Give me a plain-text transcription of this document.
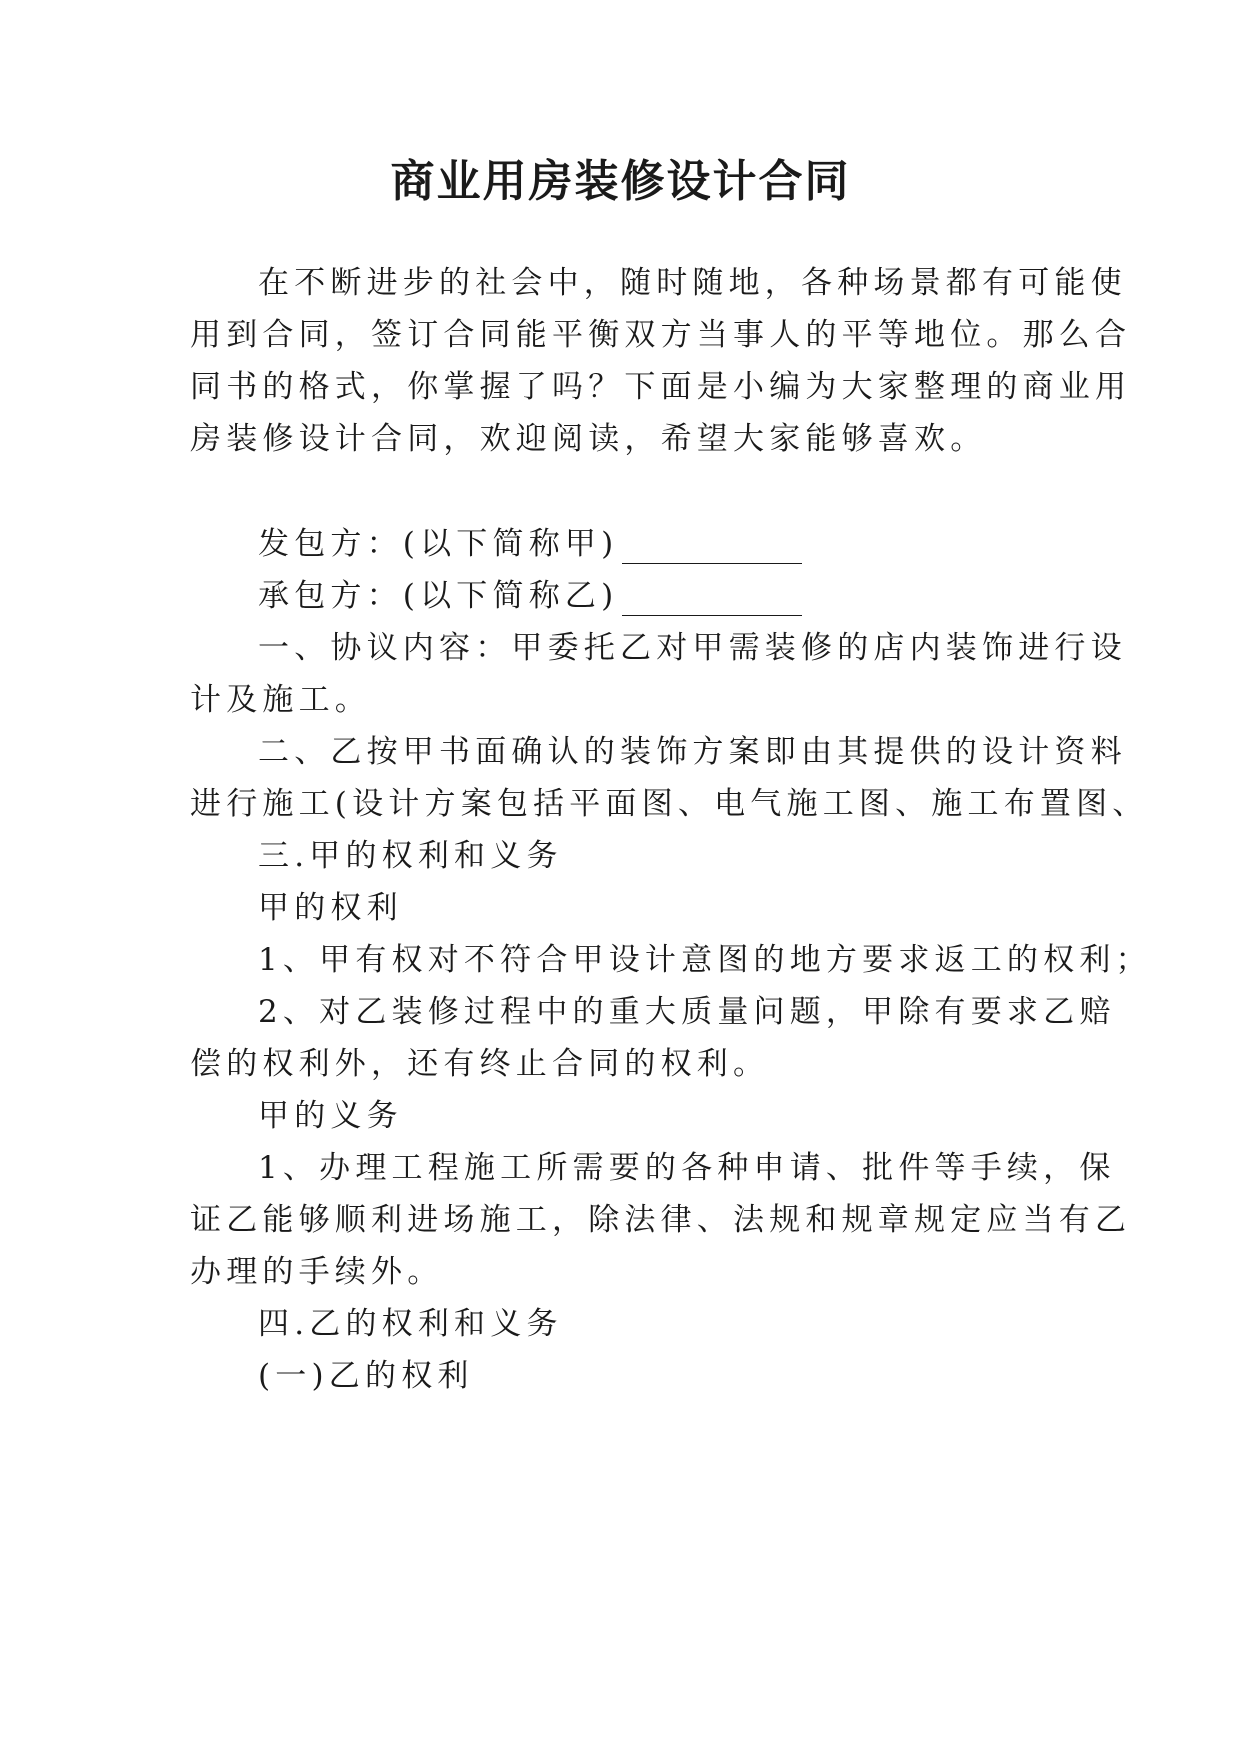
商业用房装修设计合同
在不断进步的社会中，随时随地，各种场景都有可能使
用到合同，签订合同能平衡双方当事人的平等地位。那么合
同书的格式，你掌握了吗？下面是小编为大家整理的商业用
房装修设计合同，欢迎阅读，希望大家能够喜欢。
发包方：(以下简称甲)
承包方：(以下简称乙)
一、协议内容：甲委托乙对甲需装修的店内装饰进行设
计及施工。
二、乙按甲书面确认的装饰方案即由其提供的设计资料
进行施工(设计方案包括平面图、电气施工图、施工布置图、
三.甲的权利和义务
甲的权利
1、甲有权对不符合甲设计意图的地方要求返工的权利；
2、对乙装修过程中的重大质量问题，甲除有要求乙赔
偿的权利外，还有终止合同的权利。
甲的义务
1、办理工程施工所需要的各种申请、批件等手续，保
证乙能够顺利进场施工，除法律、法规和规章规定应当有乙
办理的手续外。
四.乙的权利和义务
(一)乙的权利
